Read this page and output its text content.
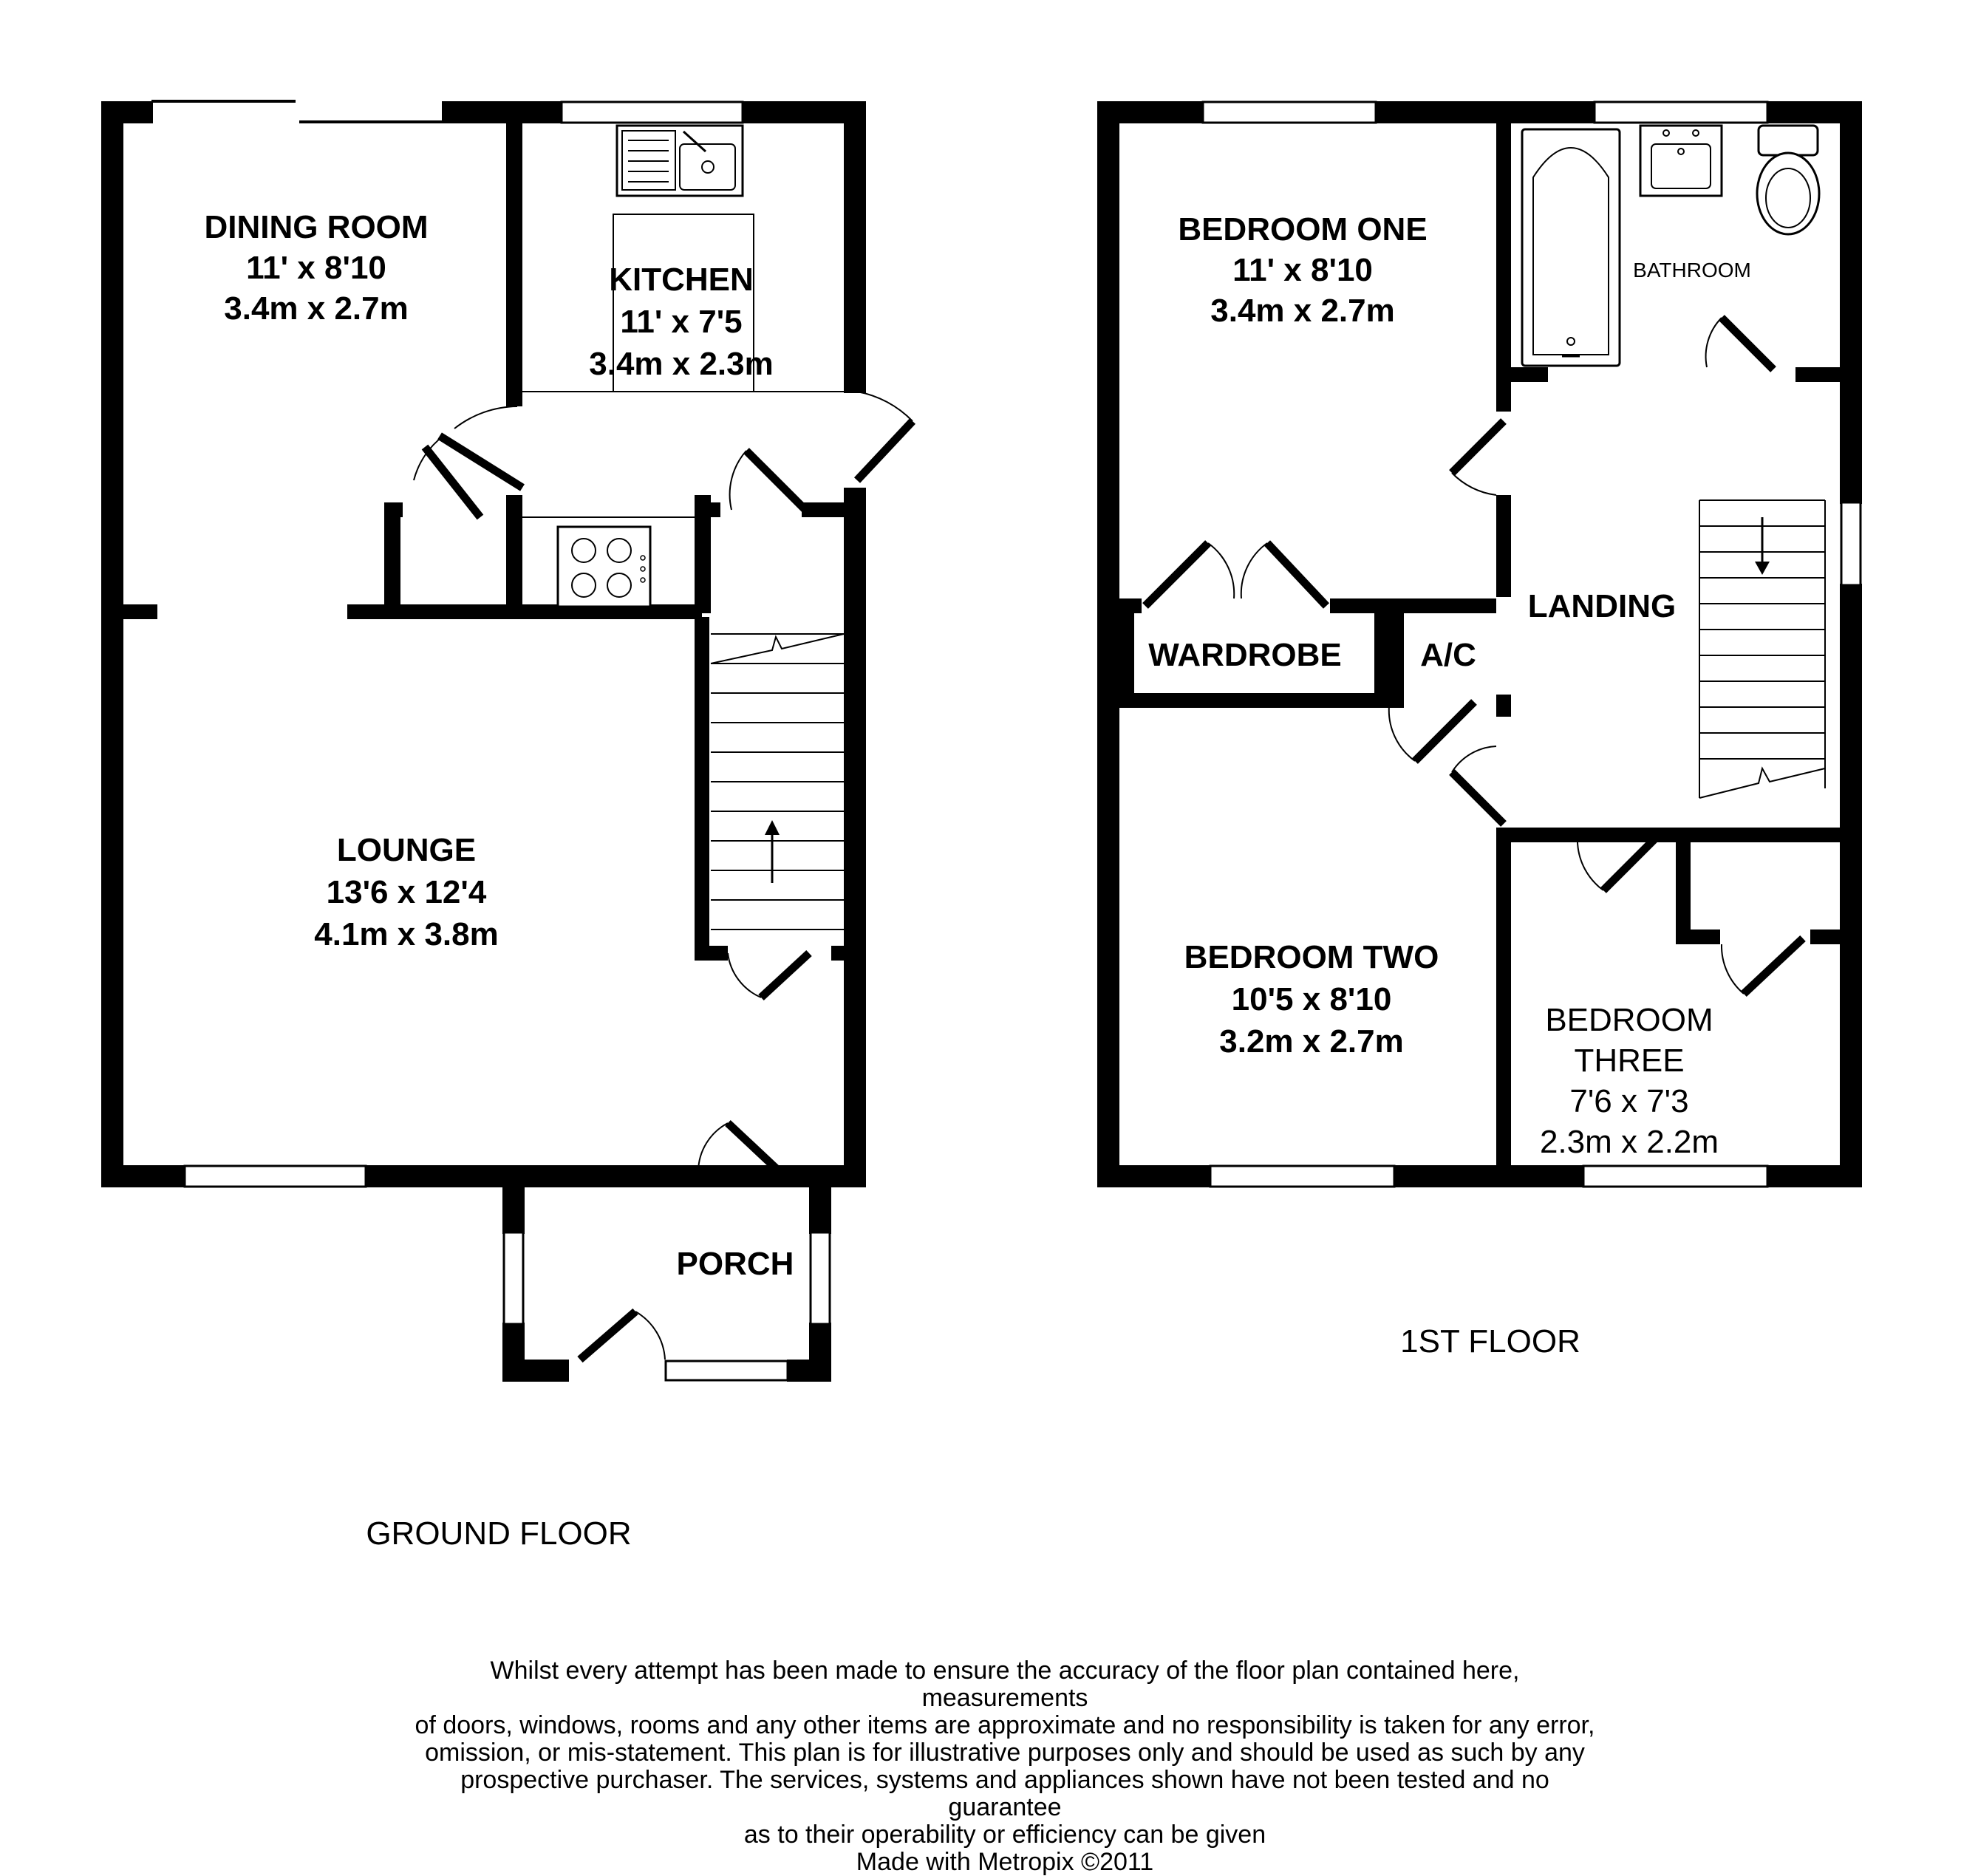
DINING ROOM
11' x 8'10
3.4m x 2.7m
KITCHEN
11' x 7'5
3.4m x 2.3m
LOUNGE
13'6 x 12'4
4.1m x 3.8m
PORCH
GROUND FLOOR
BEDROOM ONE
11' x 8'10
3.4m x 2.7m
BATHROOM
LANDING
WARDROBE A/C
BEDROOM TWO
10'5 x 8'10
3.2m x 2.7m
BEDROOM
THREE
7'6 x 7'3
2.3m x 2.2m
1ST FLOOR
Whilst every attempt has been made to ensure the accuracy of the floor plan contained here, measurements
of doors, windows, rooms and any other items are approximate and no responsibility is taken for any error,
omission, or mis-statement. This plan is for illustrative purposes only and should be used as such by any
prospective purchaser. The services, systems and appliances shown have not been tested and no guarantee
as to their operability or efficiency can be given
Made with Metropix ©2011
